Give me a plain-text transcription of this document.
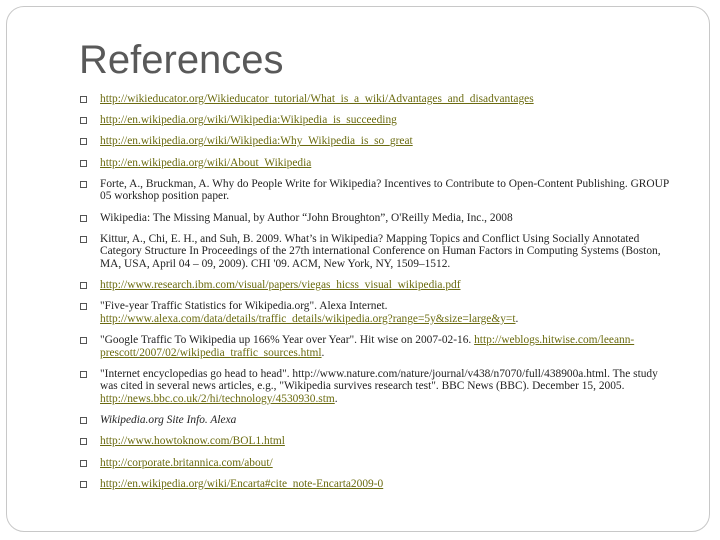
References
http://wikieducator.org/Wikieducator_tutorial/What_is_a_wiki/Advantages_and_disadvantages
http://en.wikipedia.org/wiki/Wikipedia:Wikipedia_is_succeeding
http://en.wikipedia.org/wiki/Wikipedia:Why_Wikipedia_is_so_great
http://en.wikipedia.org/wiki/About_Wikipedia
Forte, A., Bruckman, A. Why do People Write for Wikipedia? Incentives to Contribute to Open-Content Publishing. GROUP 05 workshop position paper.
Wikipedia: The Missing Manual, by Author “John Broughton”, O'Reilly Media, Inc., 2008
Kittur, A., Chi, E. H., and Suh, B. 2009. What’s in Wikipedia? Mapping Topics and Conflict Using Socially Annotated Category Structure In Proceedings of the 27th international Conference on Human Factors in Computing Systems (Boston, MA, USA, April 04 – 09, 2009). CHI '09. ACM, New York, NY, 1509–1512.
http://www.research.ibm.com/visual/papers/viegas_hicss_visual_wikipedia.pdf
"Five-year Traffic Statistics for Wikipedia.org". Alexa Internet. http://www.alexa.com/data/details/traffic_details/wikipedia.org?range=5y&size=large&y=t.
"Google Traffic To Wikipedia up 166% Year over Year". Hit wise on 2007-02-16. http://weblogs.hitwise.com/leeann-prescott/2007/02/wikipedia_traffic_sources.html.
"Internet encyclopedias go head to head". http://www.nature.com/nature/journal/v438/n7070/full/438900a.html. The study was cited in several news articles, e.g., "Wikipedia survives research test". BBC News (BBC). December 15, 2005. http://news.bbc.co.uk/2/hi/technology/4530930.stm.
Wikipedia.org Site Info. Alexa
http://www.howtoknow.com/BOL1.html
http://corporate.britannica.com/about/
http://en.wikipedia.org/wiki/Encarta#cite_note-Encarta2009-0
